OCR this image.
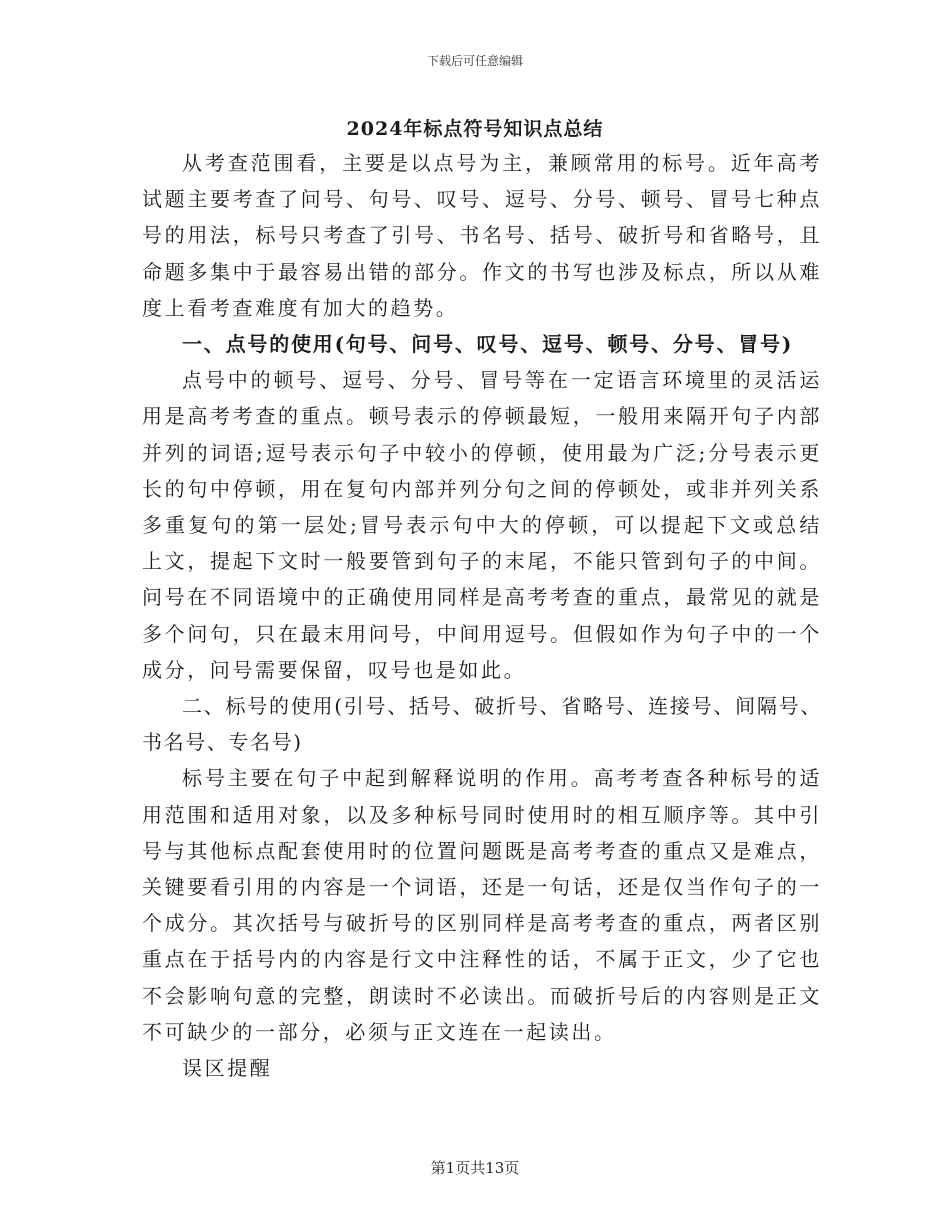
下载后可任意编辑
2024年标点符号知识点总结

从考查范围看，主要是以点号为主，兼顾常用的标号。近年高考试题主要考查了问号、句号、叹号、逗号、分号、顿号、冒号七种点号的用法，标号只考查了引号、书名号、括号、破折号和省略号，且命题多集中于最容易出错的部分。作文的书写也涉及标点，所以从难度上看考查难度有加大的趋势。

一、点号的使用(句号、问号、叹号、逗号、顿号、分号、冒号)

点号中的顿号、逗号、分号、冒号等在一定语言环境里的灵活运用是高考考查的重点。顿号表示的停顿最短，一般用来隔开句子内部并列的词语;逗号表示句子中较小的停顿，使用最为广泛;分号表示更长的句中停顿，用在复句内部并列分句之间的停顿处，或非并列关系多重复句的第一层处;冒号表示句中大的停顿，可以提起下文或总结上文，提起下文时一般要管到句子的末尾，不能只管到句子的中间。问号在不同语境中的正确使用同样是高考考查的重点，最常见的就是多个问句，只在最末用问号，中间用逗号。但假如作为句子中的一个成分，问号需要保留，叹号也是如此。

二、标号的使用(引号、括号、破折号、省略号、连接号、间隔号、书名号、专名号)

标号主要在句子中起到解释说明的作用。高考考查各种标号的适用范围和适用对象，以及多种标号同时使用时的相互顺序等。其中引号与其他标点配套使用时的位置问题既是高考考查的重点又是难点，关键要看引用的内容是一个词语，还是一句话，还是仅当作句子的一个成分。其次括号与破折号的区别同样是高考考查的重点，两者区别重点在于括号内的内容是行文中注释性的话，不属于正文，少了它也不会影响句意的完整，朗读时不必读出。而破折号后的内容则是正文不可缺少的一部分，必须与正文连在一起读出。

误区提醒

第1页共13页
